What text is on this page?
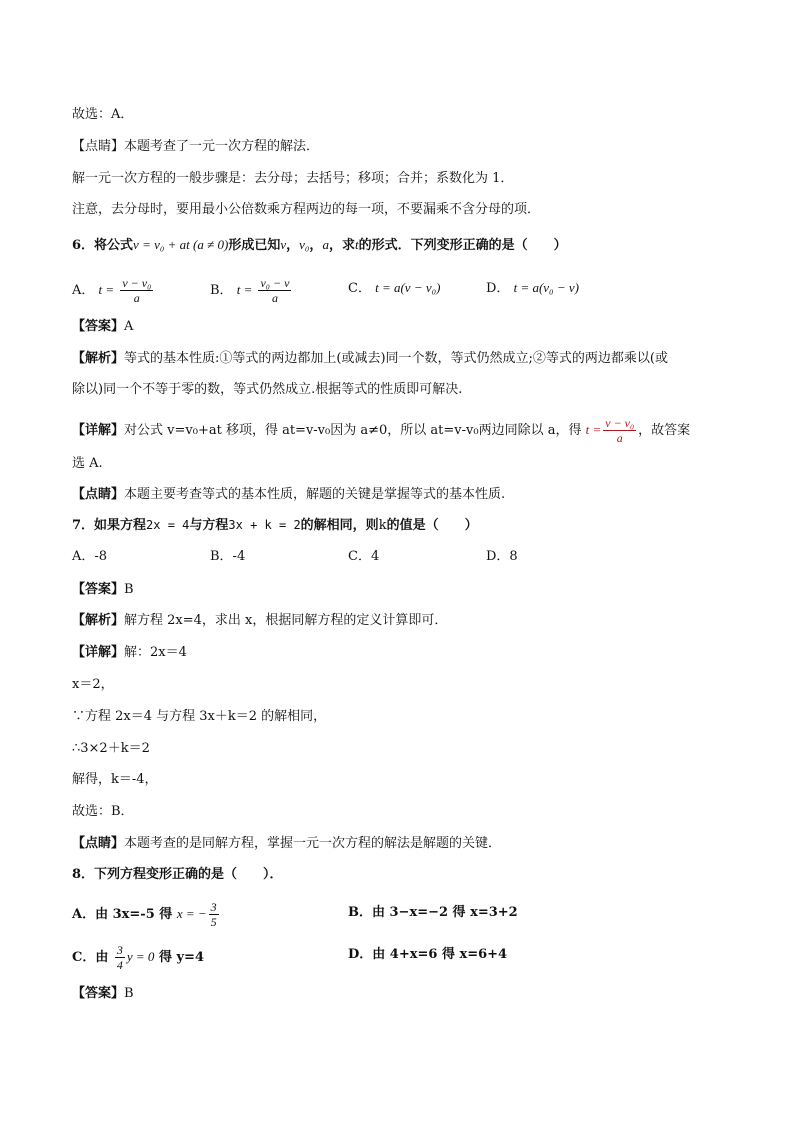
故选：A．
【点睛】本题考查了一元一次方程的解法．
解一元一次方程的一般步骤是：去分母；去括号；移项；合并；系数化为 1．
注意，去分母时，要用最小公倍数乘方程两边的每一项，不要漏乘不含分母的项．
6．将公式v = v₀ + at (a ≠ 0)形成已知v，v₀，a，求t的形式．下列变形正确的是（　　）
A． $t = \frac{\text{v − v₀}}{a}$	B． $t = \frac{\text{v₀ − v}}{a}$	C． t = a(v − v₀)	D． t = a(v₀ − v)
【答案】A
【解析】等式的基本性质:①等式的两边都加上(或减去)同一个数，等式仍然成立;②等式的两边都乘以(或
除以)同一个不等于零的数，等式仍然成立.根据等式的性质即可解决.
【详解】对公式 v=v₀+at 移项，得 at=v-v₀因为 a≠0，所以 at=v-v₀两边同除以 a，得 $t = \frac{\text{v − v₀}}{a}$ ，故答案
选 A.
【点睛】本题主要考查等式的基本性质，解题的关键是掌握等式的基本性质.
7．如果方程2x = 4与方程3x + k = 2的解相同，则k的值是（　　）
A．-8	B．-4	C．4	D．8
【答案】B
【解析】解方程 2x=4，求出 x，根据同解方程的定义计算即可．
【详解】解：2x＝4
x＝2，
∵方程 2x＝4 与方程 3x＋k＝2 的解相同，
∴3×2＋k＝2
解得，k＝-4，
故选：B．
【点睛】本题考查的是同解方程，掌握一元一次方程的解法是解题的关键．
8．下列方程变形正确的是（　　）．
A．由 3x=-5 得 x = − $\frac{3}{5}$	B．由 3−x=−2 得 x=3+2
C．由 $\frac{3}{4}$ y = 0 得 y=4	D．由 4+x=6 得 x=6+4
【答案】B
